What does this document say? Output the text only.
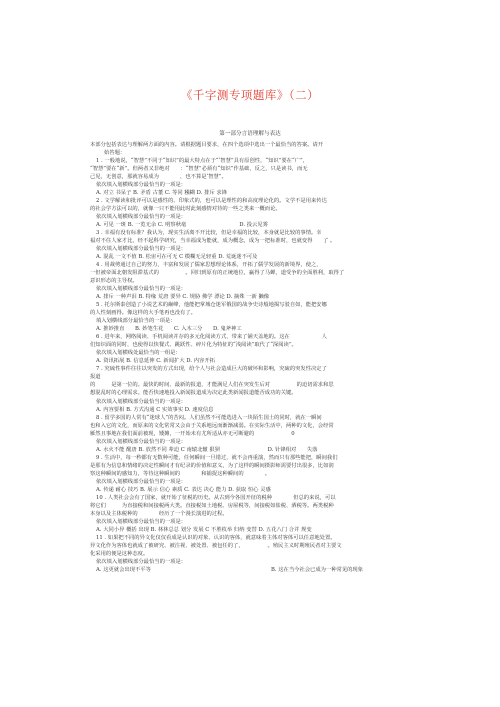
《千字测专项题库》（二）
第一部分言语理解与表达
本部分包括表达与理解两方面的内容。请根据题目要求，在四个选项中选出一个最恰当的答案。请开
始答题：
1 . 一般地说，“智慧”不同于“知识”的最大特点在于“‘智慧”具有原创性，“知识”要在“广”，
“智慧”要在“新”。但两者又非绝对　　：“智慧”必须有“知识”作基础，反之，只是读书，而无
己见，无创意，那就容易成为　　　　，也不算是‘智慧”。
依次填入划横线部分最恰当的一项是：
A. 对立 书呆子 B. 矛盾 古董 C. 等同 糨糊 D. 排斥 求锋
2 . 文学解读和批评可以是感性的、印象式的，也可以是理性的和高度理论化的。文学不是用来传达
的社会学方法可以的，就像一只不能用此时此刻感情对待的一些之类来一概而论。
依次填入划横线部分最恰当的一项是：
A. 可见 一斑 B. 一览无余 C. 明察秋毫　　　　　　　　　　D. 投云见雾
3 . 幸福有没有标准？我认为，现实生活离不开比较，但是幸福的比较，本身就是比较的事情。幸
福对不住人家才比，经不起科学研究，当幸福成为能就，成为概念，成为一把标准时，也就变得　　了 。
依次填入划横线部分最恰当的一项是：
A. 混乱 一文不值 B. 松宙可在可无 C 模糊无足轻重 D. 荒诞迷不可及
4 . 用裁剪通过自己的努力，丰富和发展了儒家思想理论体系，开拓了儒学发展的新境界，使之，
一但被帝面北朝发阻滞基式的　　　　　。回归到原有的正统地位，赢得了马蝉，道受争的全面胜利，取得了
意识形态的主导权。
依次填入划横线部分最恰当的一项是：
A. 排斥 一种声泪 B. 特缘 荒唐 要异 C. 规胁 佛学 漂论 D. 摘殊 一新 獭像
5 . 托尔斯泰创造了小说艺术的巅峰，他能把掌城仓迷军俄国的战争史诗般地揭写驳自如，能把安娜
的人性刻画得。像这样的大手笔再也没有了。
填入划横线部分最恰当的一项是：
A. 推妙推直　　B. 妙笔生花　　C. 入木三分　　D. 鬼斧神工
6 . 进年来，网络阅读、手机阅读并存的多元化阅读方式，带来了铺天盖地的。这在　　　　　　人
们知识面的同时，也使得以快餐式、跳跃性、碎片化为特征的“浅阅读”取代了“深阅读”。
依次填入划横线处最恰当的一组是：
A. 资讯拓展 B. 信息延伸 C. 新闻扩大 D. 内容开拓
7 . 究硫性事件往往以突发的方式出现，给个人与社会造成巨大的破坏和影响，究硫的突发性决定了
报道
的　　　是第一位的。最快的时间、最新的报道，才能满足人们在突发生后对　　　　　的迫切需求和思
想混乱时的心理需求。能否快速地投入新闻报道成为决定此类新闻报道能否成功的关键。
依次填入划横线部分最恰当的一项是：
A. 内容要相 B. 方式沟通 C 实效事实 D. 速度信息
8 . 留学多国的人常有“迷球人”的苦闷。人们虽然不可能选进入一块陌生国土的同时，就在一瞬间
也和入它的文化，而原来的文化常常又会由于关系地远而渐渐减弱。在实际生活中，两种的文化，会经常
雁然且事地在我们面前被现，矮摊，一开始未有尤所适从亦无可断避的　　　　　　　0
依次填入划横线部分最恰当的一项是：
A. 水火不能 醒唐 B. 放然不同 辈迫 C 南辕北辙 狠狈　　　　　　　　　D. 针锋相对　　失落
9 . 生活中，每一秒都有无数种可能，任何瞬间一旦错过，就不会再重演，然而只有那些能把，瞬间我们
是那有为信息和情绪的决定性瞬间才有纪录的价值和意义，为了这样的瞬间摄影师需要付出很多，比如润
察这种瞬间的感知力，等待这种瞬间的　　　　和捕捉这种瞬间的　　　　。
依次填入划横线部分最恰当的一项是：
A. 传递 耐心 技巧 B. 展示 信心 素质 C. 表达 决心 能力 D. 获取 恒心 灵感
10 . 人类社会会有了国家，就开始了征税的历史。从古到今各国开征的税种　　　　但总的来说，可以
将它们　　　为直接税和间接税两大类。直接税如土地税、房屋税等，间接税如盐税、酒税等。两类税种
本身以及主体税种的　　　　经历了一个漫长演进的过程。
依次填入划横线部分最恰当的一项是：
A. 大同小异 概括 出现 B. 林林总总 划分 发展 C 不胜枚举 归纳 变替 D. 五花八门 合并 规变
11 . 如果把不同的异文化仅仅看成是认识的对象、认识的客体，就意味着主体对客体可以任意地处置。
异文化作为客体也就成了被研究、被注视、被处置、被包任的了，　　　　　。殖民主义时期殖民者对主要文
化采用的便是这种态度。
依次填入划横线部分最恰当的一项是：
A. 这更就会出现不平等	B. 这在当今社会已成为一种常见的现象
